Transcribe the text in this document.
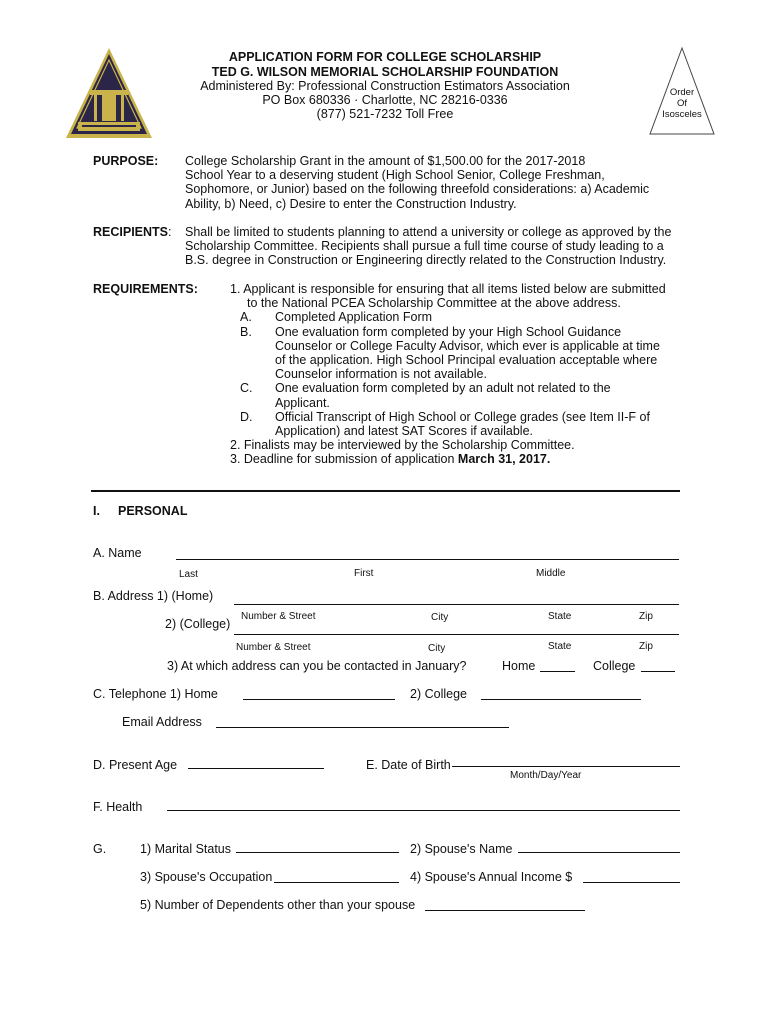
APPLICATION FORM FOR COLLEGE SCHOLARSHIP
TED G. WILSON MEMORIAL SCHOLARSHIP FOUNDATION
Administered By: Professional Construction Estimators Association
PO Box 680336 · Charlotte, NC 28216-0336
(877) 521-7232 Toll Free
Order
Of
Isosceles
PURPOSE: College Scholarship Grant in the amount of $1,500.00 for the 2017-2018
School Year to a deserving student (High School Senior, College Freshman,
Sophomore, or Junior) based on the following threefold considerations: a) Academic
Ability, b) Need, c) Desire to enter the Construction Industry.
RECIPIENTS: Shall be limited to students planning to attend a university or college as approved by the
Scholarship Committee. Recipients shall pursue a full time course of study leading to a
B.S. degree in Construction or Engineering directly related to the Construction Industry.
REQUIREMENTS:	1. Applicant is responsible for ensuring that all items listed below are submitted
to the National PCEA Scholarship Committee at the above address.
A. Completed Application Form
B. One evaluation form completed by your High School Guidance
Counselor or College Faculty Advisor, which ever is applicable at time
of the application. High School Principal evaluation acceptable where
Counselor information is not available.
C. One evaluation form completed by an adult not related to the
Applicant.
D. Official Transcript of High School or College grades (see Item II-F of
Application) and latest SAT Scores if available.
2. Finalists may be interviewed by the Scholarship Committee.
3. Deadline for submission of application March 31, 2017.
I. PERSONAL
A. Name
Last	First	Middle
B. Address 1) (Home)
Number & Street	City	State	Zip
2) (College)
Number & Street	City	State	Zip
3) At which address can you be contacted in January?	Home	College
C. Telephone 1) Home	2) College
Email Address
D. Present Age	E. Date of Birth
Month/Day/Year
F. Health
G.	1) Marital Status	2) Spouse's Name
3) Spouse's Occupation	4) Spouse's Annual Income $
5) Number of Dependents other than your spouse
